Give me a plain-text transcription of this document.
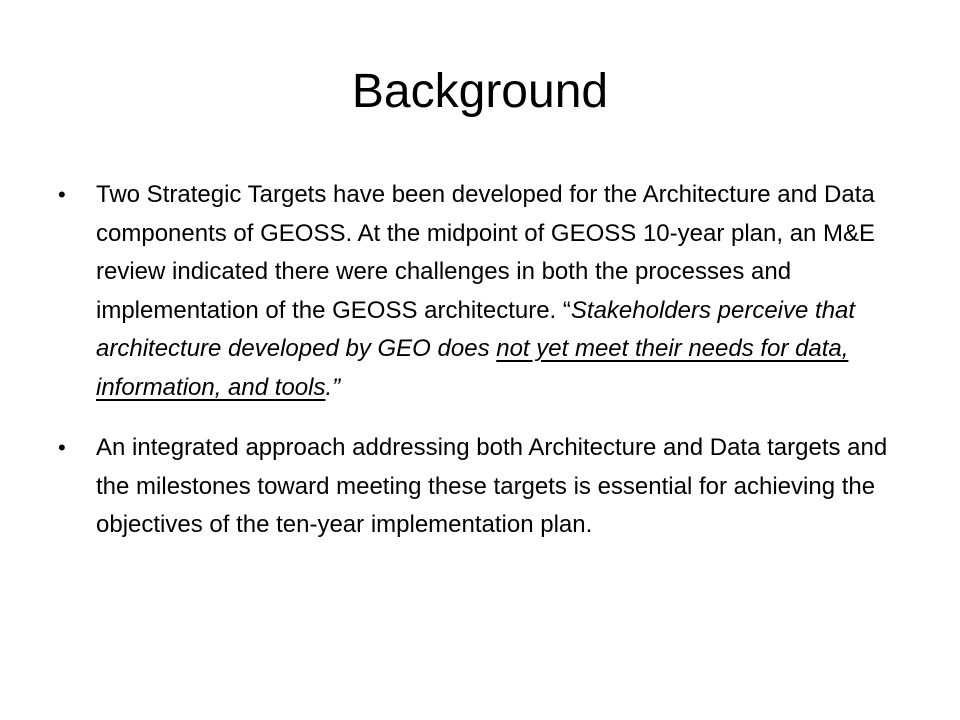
Background
• Two Strategic Targets have been developed for the Architecture and Data components of GEOSS. At the midpoint of GEOSS 10-year plan, an M&E review indicated there were challenges in both the processes and implementation of the GEOSS architecture. “Stakeholders perceive that architecture developed by GEO does not yet meet their needs for data, information, and tools.”
• An integrated approach addressing both Architecture and Data targets and the milestones toward meeting these targets is essential for achieving the objectives of the ten-year implementation plan.
